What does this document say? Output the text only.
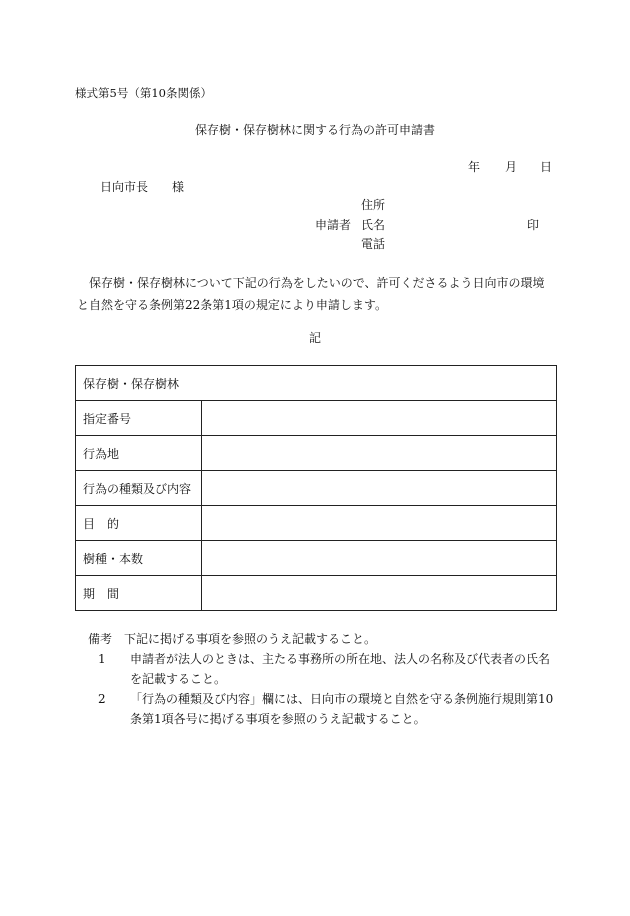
様式第5号（第10条関係）
保存樹・保存樹林に関する行為の許可申請書
年 月 日
日向市長 様
住所
申請者 氏名	印
電話
保存樹・保存樹林について下記の行為をしたいので、許可くださるよう日向市の環境と自然を守る条例第22条第1項の規定により申請します。
記
保存樹・保存樹林	
指定番号	
行為地	
行為の種類及び内容	
目　的	
樹種・本数	
期　間	
備考 下記に掲げる事項を参照のうえ記載すること。
1	申請者が法人のときは、主たる事務所の所在地、法人の名称及び代表者の氏名を記載すること。
2	「行為の種類及び内容」欄には、日向市の環境と自然を守る条例施行規則第10条第1項各号に掲げる事項を参照のうえ記載すること。
